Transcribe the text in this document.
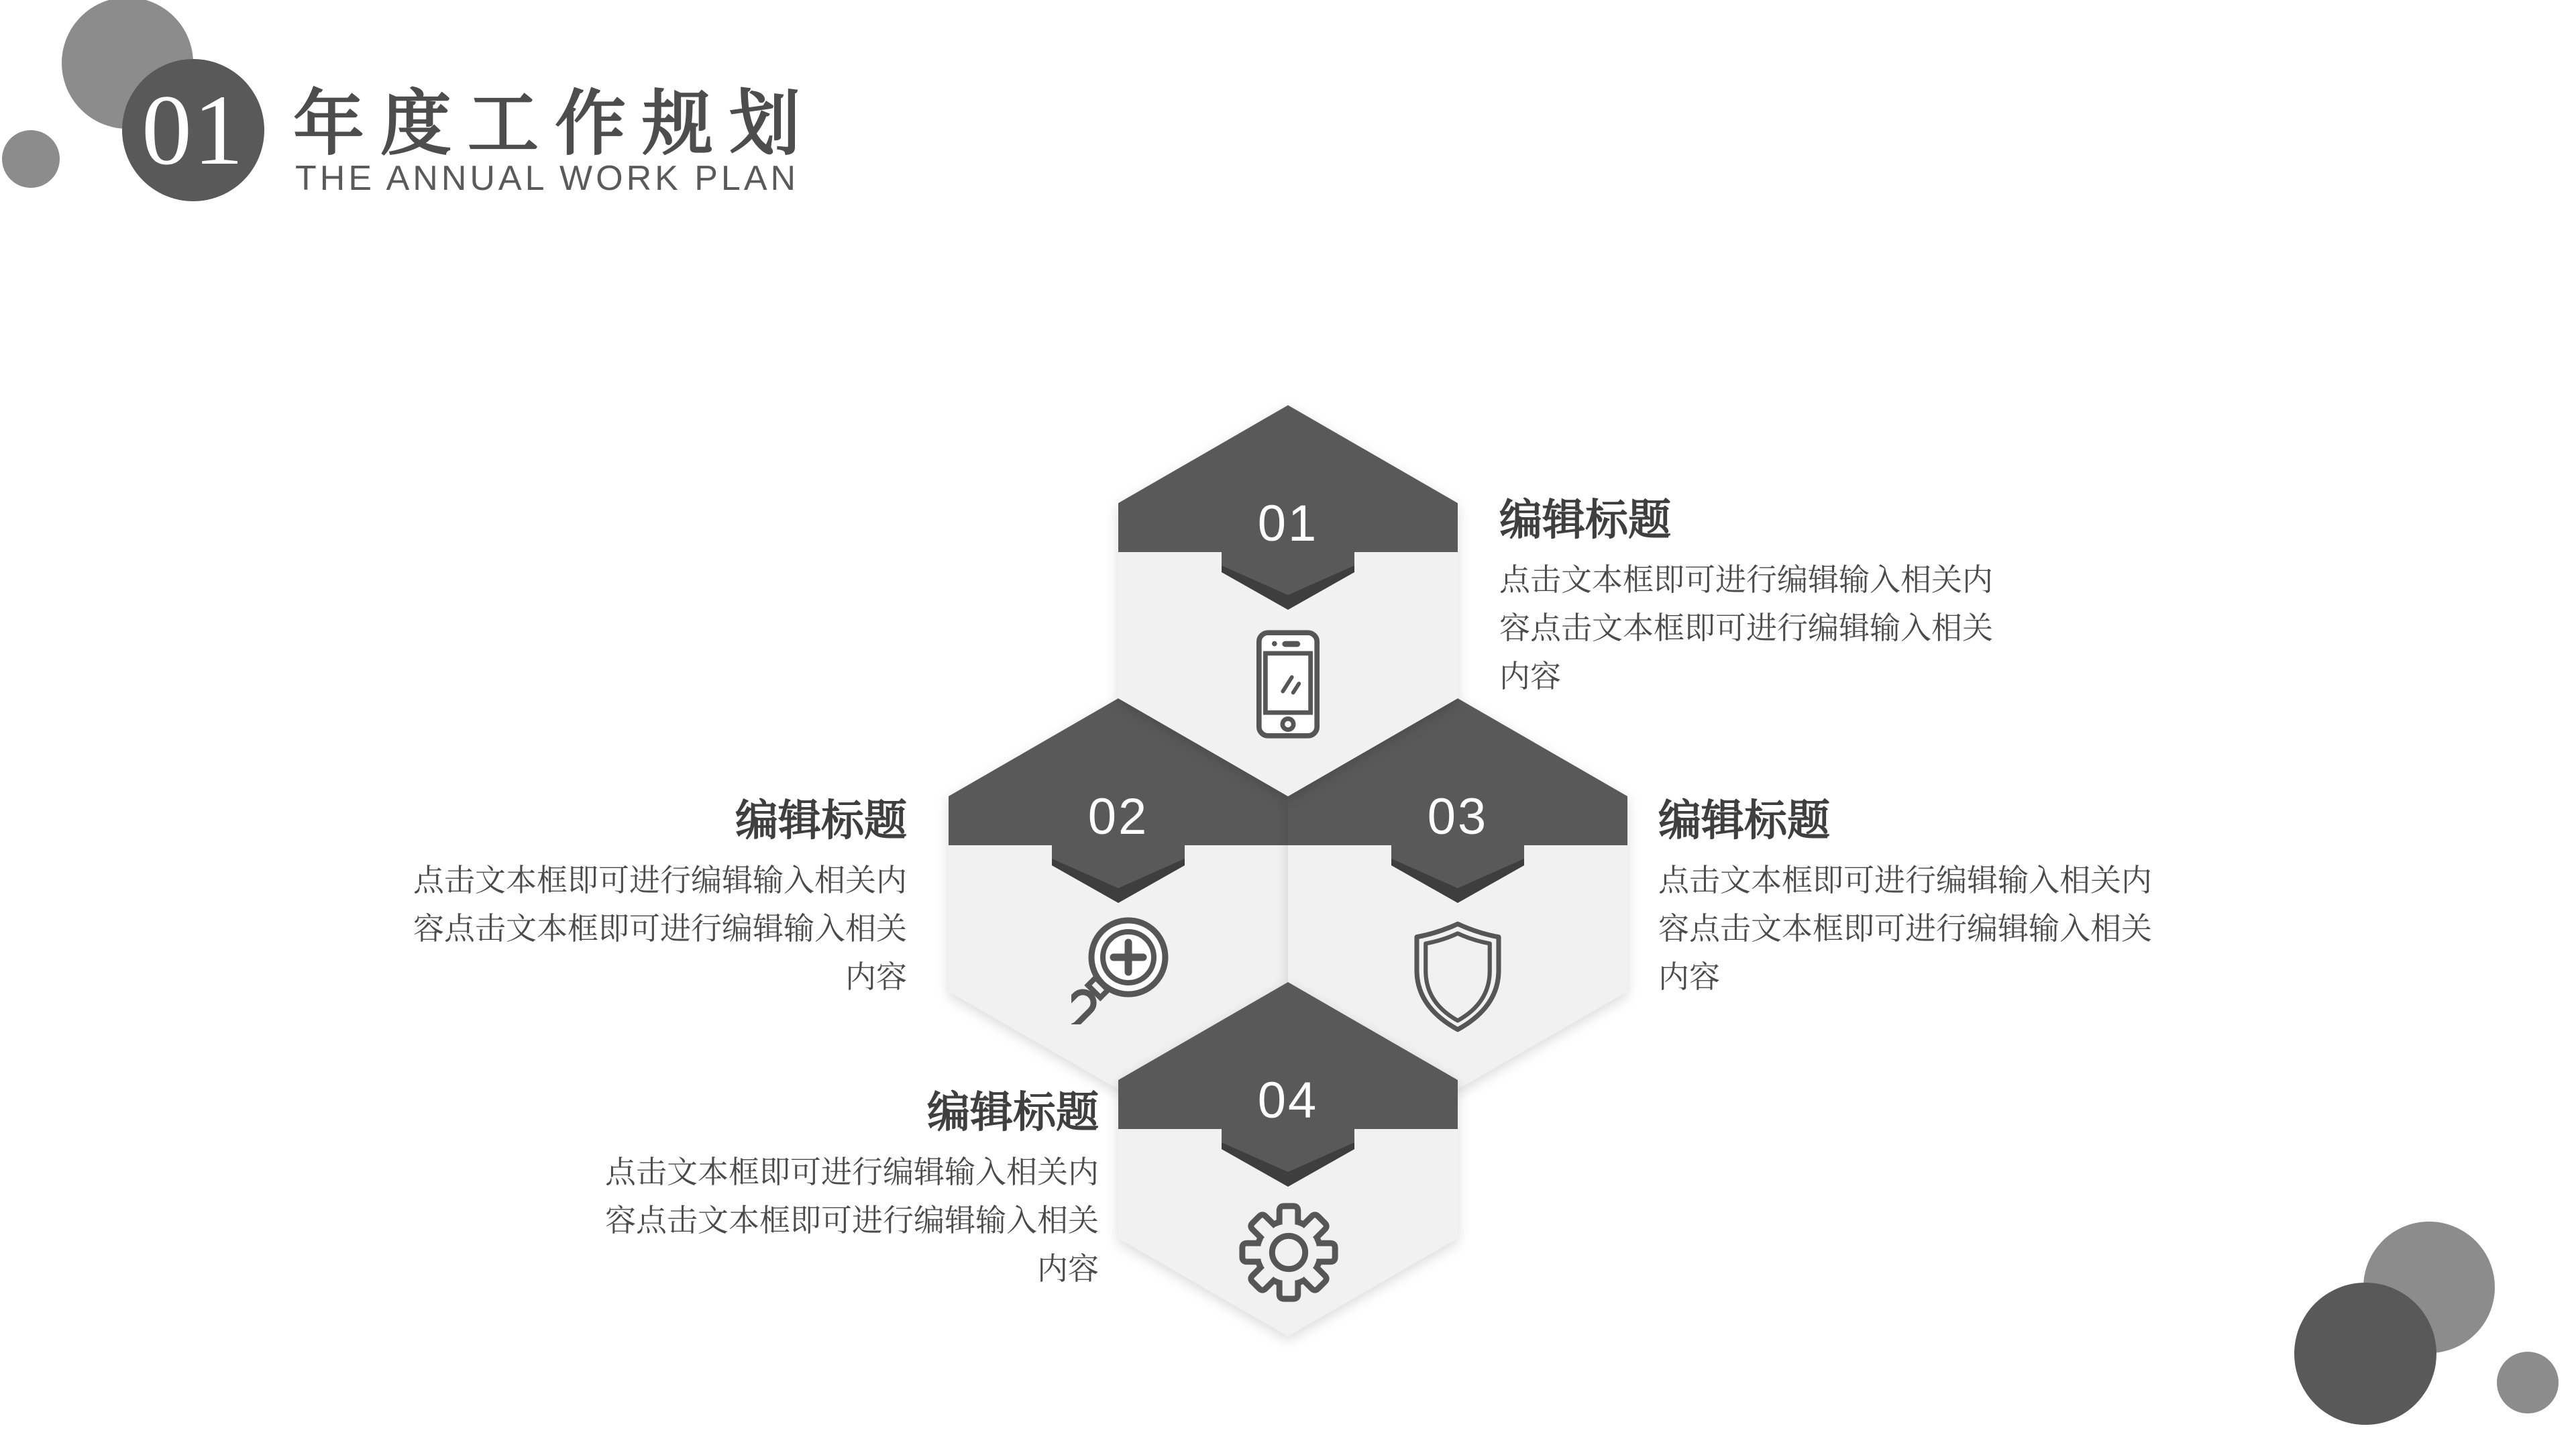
01 年度工作规划
THE ANNUAL WORK PLAN
01
02	03
04
编辑标题
点击文本框即可进行编辑输入相关内
容点击文本框即可进行编辑输入相关
内容
编辑标题
点击文本框即可进行编辑输入相关内
容点击文本框即可进行编辑输入相关
内容
编辑标题
点击文本框即可进行编辑输入相关内
容点击文本框即可进行编辑输入相关
内容
编辑标题
点击文本框即可进行编辑输入相关内
容点击文本框即可进行编辑输入相关
内容
